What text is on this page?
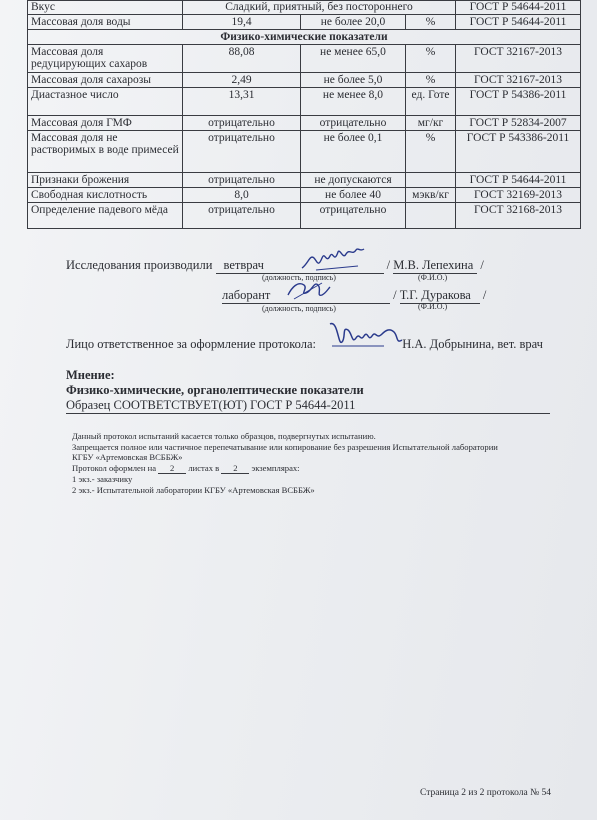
Вкус	Сладкий, приятный, без постороннего			ГОСТ Р 54644-2011
Массовая доля воды	19,4	не более 20,0	%	ГОСТ Р 54644-2011
Физико-химические показатели				
Массовая доля редуцирующих сахаров	88,08	не менее 65,0	%	ГОСТ 32167-2013
Массовая доля сахарозы	2,49	не более 5,0	%	ГОСТ 32167-2013
Диастазное число	13,31	не менее 8,0	ед. Готе	ГОСТ Р 54386-2011
Массовая доля ГМФ	отрицательно	отрицательно	мг/кг	ГОСТ Р 52834-2007
Массовая доля не растворимых в воде примесей	отрицательно	не более 0,1	%	ГОСТ Р 543386-2011
Признаки брожения	отрицательно	не допускаются		ГОСТ Р 54644-2011
Свободная кислотность	8,0	не более 40	мэкв/кг	ГОСТ 32169-2013
Определение падевого мёда	отрицательно	отрицательно		ГОСТ 32168-2013
Исследования производили ветврач	/ М.В. Лепехина /
(должность, подпись)	(Ф.И.О.)
лаборант	/ Т.Г. Дуракова /
(должность, подпись)	(Ф.И.О.)
Лицо ответственное за оформление протокола:	Н.А. Добрынина, вет. врач
Мнение:
Физико-химические, органолептические показатели
Образец СООТВЕТСТВУЕТ(ЮТ) ГОСТ Р 54644-2011
Данный протокол испытаний касается только образцов, подвергнутых испытанию.
Запрещается полное или частичное перепечатывание или копирование без разрешения Испытательной лаборатории
КГБУ «Артемовская ВСББЖ»
Протокол оформлен на 2 листах в 2 экземплярах:
1 экз.- заказчику
2 экз.- Испытательной лаборатории КГБУ «Артемовская ВСББЖ»
Страница 2 из 2 протокола № 54
